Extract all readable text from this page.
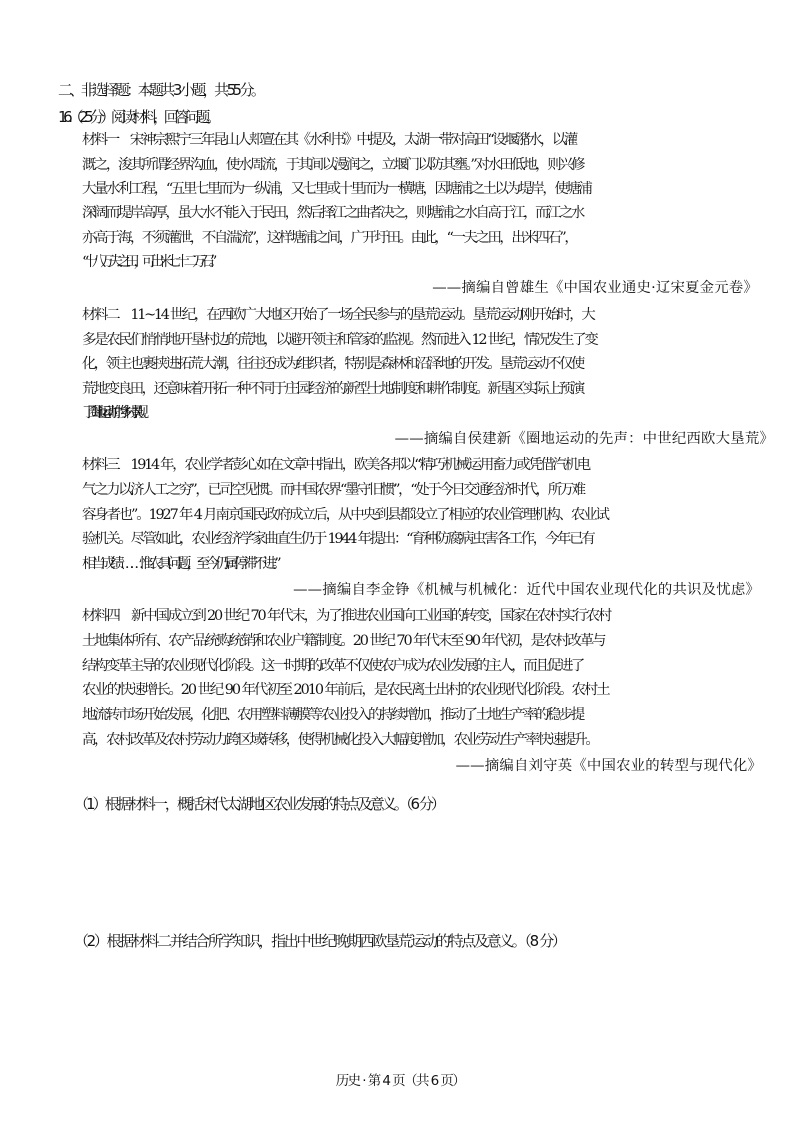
二、非选择题：本题共 3 小题，共 55 分。
16.（25 分）阅读材料，回答问题。
材料一　宋神宗熙宁三年昆山人郏亶在其《水利书》中提及，太湖一带对高田“设堰潴水，以灌
溉之，浚其所谓经界沟血，使水周流，于其间以漫润之，立堰门以防其壅。”对水田低地，则兴修
大量水利工程，“五里七里而为一纵浦，又七里或十里而为一横塘，因塘浦之土以为堤岸，使塘浦
深阔而堤岸高厚，虽大水不能入于民田，然后择江之曲者决之，则塘浦之水自高于江，而江之水
亦高于海，不须灌泄，不自湍流”，这样塘浦之间，广开圩田。由此，“一夫之田，出米四石”，
“十八万夫之田，可出米七十二万石。”
——摘编自曾雄生《中国农业通史·辽宋夏金元卷》
材料二　11~14 世纪，在西欧广大地区开始了一场全民参与的垦荒运动。垦荒运动刚开始时，大
多是农民们悄悄地开垦村边的荒地，以避开领主和管家的监视。然而进入 12 世纪，情况发生了变
化，领主也裹挟进拓荒大潮，往往还成为组织者，特别是森林和沼泽地的开发。垦荒运动不仅使
荒地变良田，还意味着开拓一种不同于庄园经济的新型土地制度和耕作制度。新垦区实际上预演
了圈地运动时的乡村景观。
——摘编自侯建新《圈地运动的先声：中世纪西欧大垦荒》
材料三　1914 年，农业学者彭心如在文章中指出，欧美各邦以“精巧机械运用畜力或凭借汽机电
气之力以济人工之穷”，已司空见惯。而中国农界“墨守旧惯”，“处于今日交通经济时代，所万难
容身者也”。1927 年 4 月南京国民政府成立后，从中央到县都设立了相应的农业管理机构、农业试
验机关。尽管如此，农业经济学家曲直生仍于 1944 年提出：“育种防腐病虫害各工作，今年已有
相当成绩……惟农具问题，至今仍属停滞不进。”
——摘编自李金铮《机械与机械化：近代中国农业现代化的共识及忧虑》
材料四　新中国成立到 20 世纪 70 年代末，为了推进农业国向工业国的转变，国家在农村实行农村
土地集体所有、农产品统购统销和农业户籍制度。20 世纪 70 年代末至 90 年代初，是农村改革与
结构变革主导的农业现代化阶段。这一时期的改革不仅使农户成为农业发展的主人，而且促进了
农业的快速增长。20 世纪 90 年代初至 2010 年前后，是农民离土出村的农业现代化阶段。农村土
地流转市场开始发展，化肥、农用塑料薄膜等农业投入的持续增加，推动了土地生产率的稳步提
高，农村改革及农村劳动力跨区域转移，使得机械化投入大幅度增加，农业劳动生产率快速提升。
——摘编自刘守英《中国农业的转型与现代化》
（1）根据材料一，概括宋代太湖地区农业发展的特点及意义。（6 分）
（2）根据材料二并结合所学知识，指出中世纪晚期西欧垦荒运动的特点及意义。（8 分）
历史 · 第 4 页（共 6 页）
